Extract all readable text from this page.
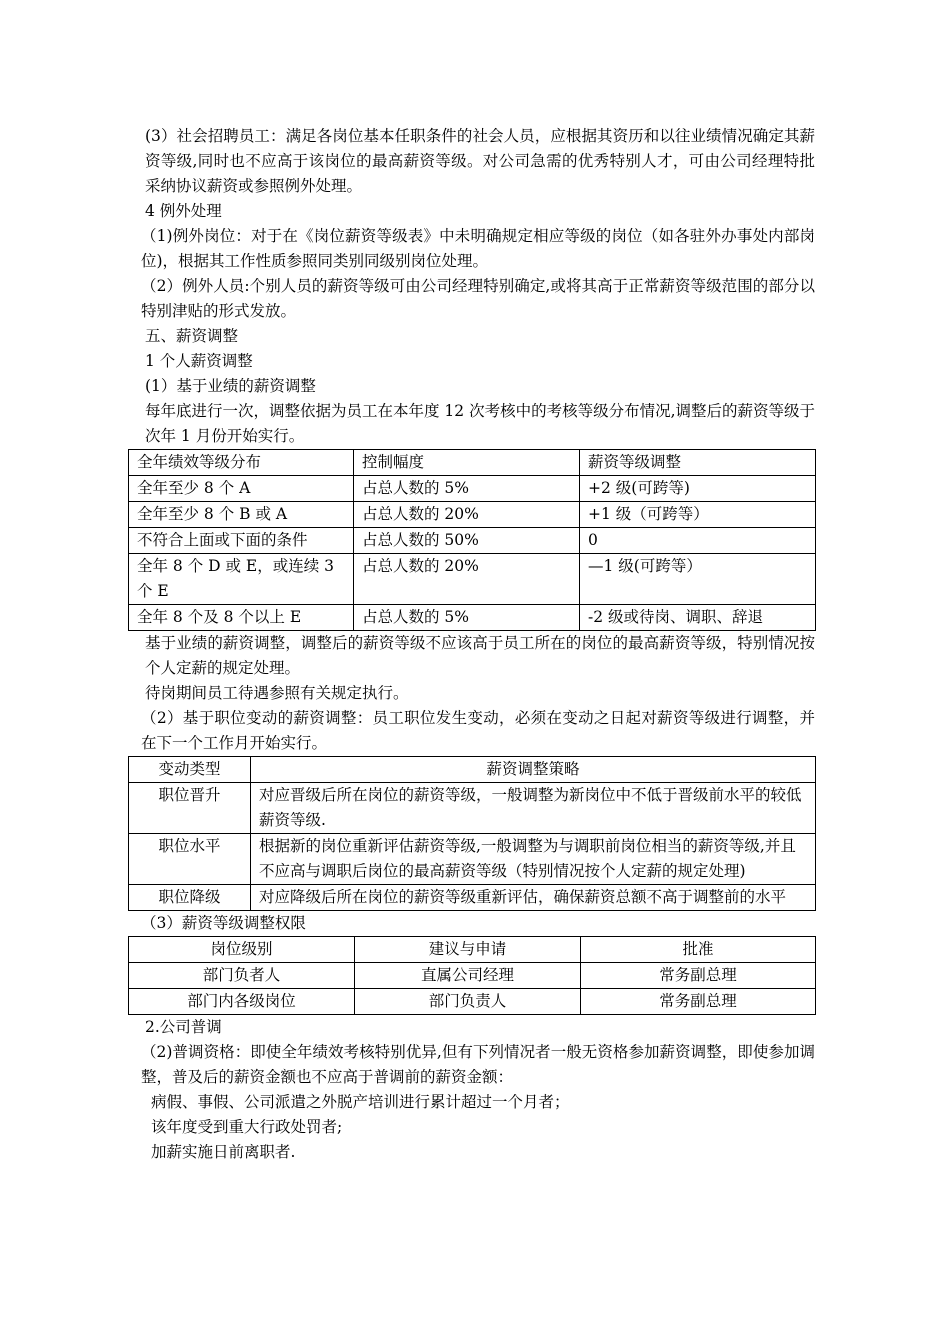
(3）社会招聘员工：满足各岗位基本任职条件的社会人员，应根据其资历和以往业绩情况确定其薪资等级,同时也不应高于该岗位的最高薪资等级。对公司急需的优秀特别人才，可由公司经理特批采纳协议薪资或参照例外处理。

4 例外处理

（1)例外岗位：对于在《岗位薪资等级表》中未明确规定相应等级的岗位（如各驻外办事处内部岗位)，根据其工作性质参照同类别同级别岗位处理。

（2）例外人员:个别人员的薪资等级可由公司经理特别确定,或将其高于正常薪资等级范围的部分以特别津贴的形式发放。

五、薪资调整

1 个人薪资调整

(1）基于业绩的薪资调整

每年底进行一次，调整依据为员工在本年度 12 次考核中的考核等级分布情况,调整后的薪资等级于次年 1 月份开始实行。

全年绩效等级分布	控制幅度	薪资等级调整
全年至少 8 个 A	占总人数的 5%	+2 级(可跨等)
全年至少 8 个 B 或 A	占总人数的 20%	+1 级（可跨等）
不符合上面或下面的条件	占总人数的 50%	0
全年 8 个 D 或 E，或连续 3 个 E	占总人数的 20%	—1 级(可跨等）
全年 8 个及 8 个以上 E	占总人数的 5%	-2 级或待岗、调职、辞退

基于业绩的薪资调整，调整后的薪资等级不应该高于员工所在的岗位的最高薪资等级，特别情况按个人定薪的规定处理。

待岗期间员工待遇参照有关规定执行。

（2）基于职位变动的薪资调整：员工职位发生变动，必须在变动之日起对薪资等级进行调整，并在下一个工作月开始实行。

变动类型	薪资调整策略
职位晋升	对应晋级后所在岗位的薪资等级，一般调整为新岗位中不低于晋级前水平的较低薪资等级.
职位水平	根据新的岗位重新评估薪资等级,一般调整为与调职前岗位相当的薪资等级,并且不应高与调职后岗位的最高薪资等级（特别情况按个人定薪的规定处理)
职位降级	对应降级后所在岗位的薪资等级重新评估，确保薪资总额不高于调整前的水平

（3）薪资等级调整权限

岗位级别	建议与申请	批准
部门负者人	直属公司经理	常务副总理
部门内各级岗位	部门负责人	常务副总理

2.公司普调

（2)普调资格：即使全年绩效考核特别优异,但有下列情况者一般无资格参加薪资调整，即使参加调整，普及后的薪资金额也不应高于普调前的薪资金额：

病假、事假、公司派遣之外脱产培训进行累计超过一个月者；

该年度受到重大行政处罚者;

加薪实施日前离职者.
